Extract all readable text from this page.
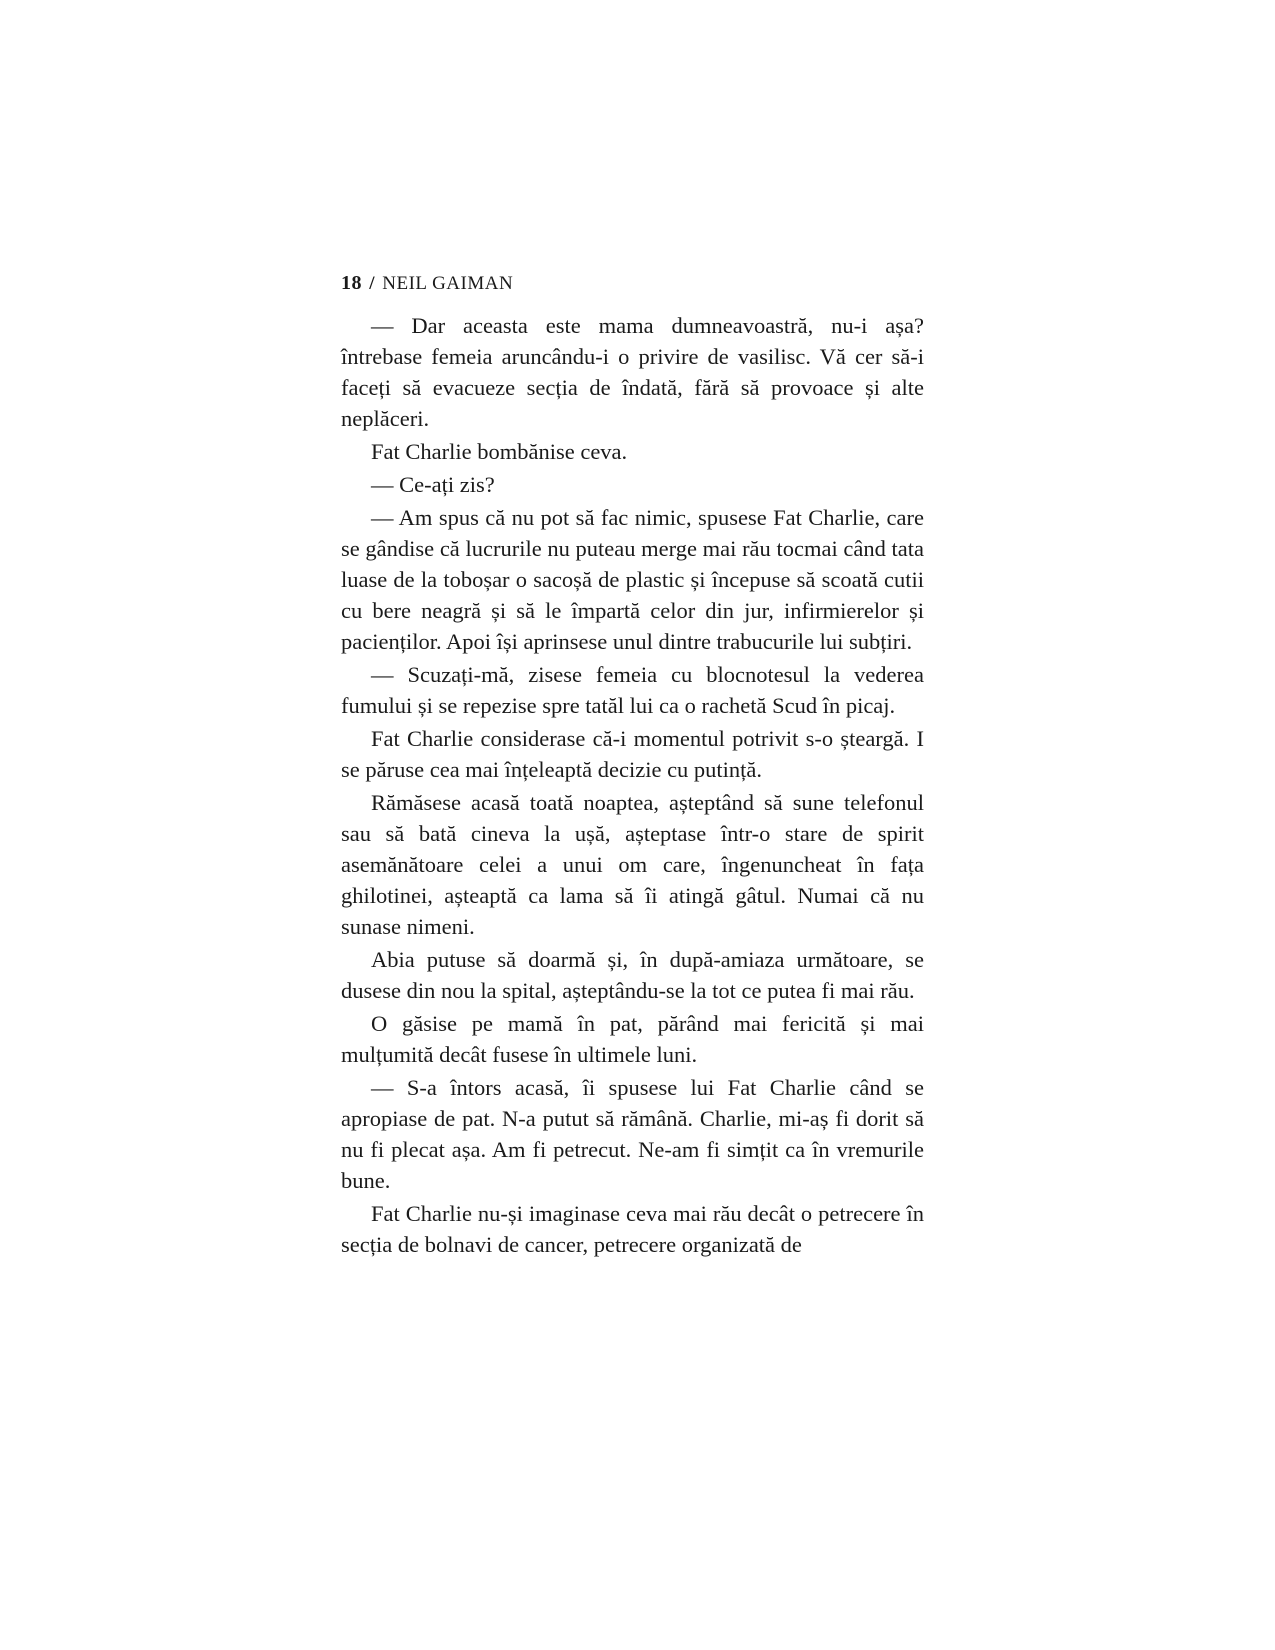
18 / NEIL GAIMAN

— Dar aceasta este mama dumneavoastră, nu-i așa? întrebase femeia aruncându-i o privire de vasilisc. Vă cer să-i faceți să evacueze secția de îndată, fără să provoace și alte neplăceri.

Fat Charlie bombănise ceva.

— Ce-ați zis?

— Am spus că nu pot să fac nimic, spusese Fat Charlie, care se gândise că lucrurile nu puteau merge mai rău tocmai când tata luase de la toboșar o sacoșă de plastic și începuse să scoată cutii cu bere neagră și să le împartă celor din jur, infirmierelor și pacienților. Apoi își aprinsese unul dintre trabucurile lui subțiri.

— Scuzați-mă, zisese femeia cu blocnotesul la vederea fumului și se repezise spre tatăl lui ca o rachetă Scud în picaj.

Fat Charlie considerase că-i momentul potrivit s-o șteargă. I se păruse cea mai înțeleaptă decizie cu putință.

Rămăsese acasă toată noaptea, așteptând să sune telefonul sau să bată cineva la ușă, așteptase într-o stare de spirit asemănătoare celei a unui om care, îngenuncheat în fața ghilotinei, așteaptă ca lama să îi atingă gâtul. Numai că nu sunase nimeni.

Abia putuse să doarmă și, în după-amiaza următoare, se dusese din nou la spital, așteptându-se la tot ce putea fi mai rău.

O găsise pe mamă în pat, părând mai fericită și mai mulțumită decât fusese în ultimele luni.

— S-a întors acasă, îi spusese lui Fat Charlie când se apropiase de pat. N-a putut să rămână. Charlie, mi-aș fi dorit să nu fi plecat așa. Am fi petrecut. Ne-am fi simțit ca în vremurile bune.

Fat Charlie nu-și imaginase ceva mai rău decât o petrecere în secția de bolnavi de cancer, petrecere organizată de
